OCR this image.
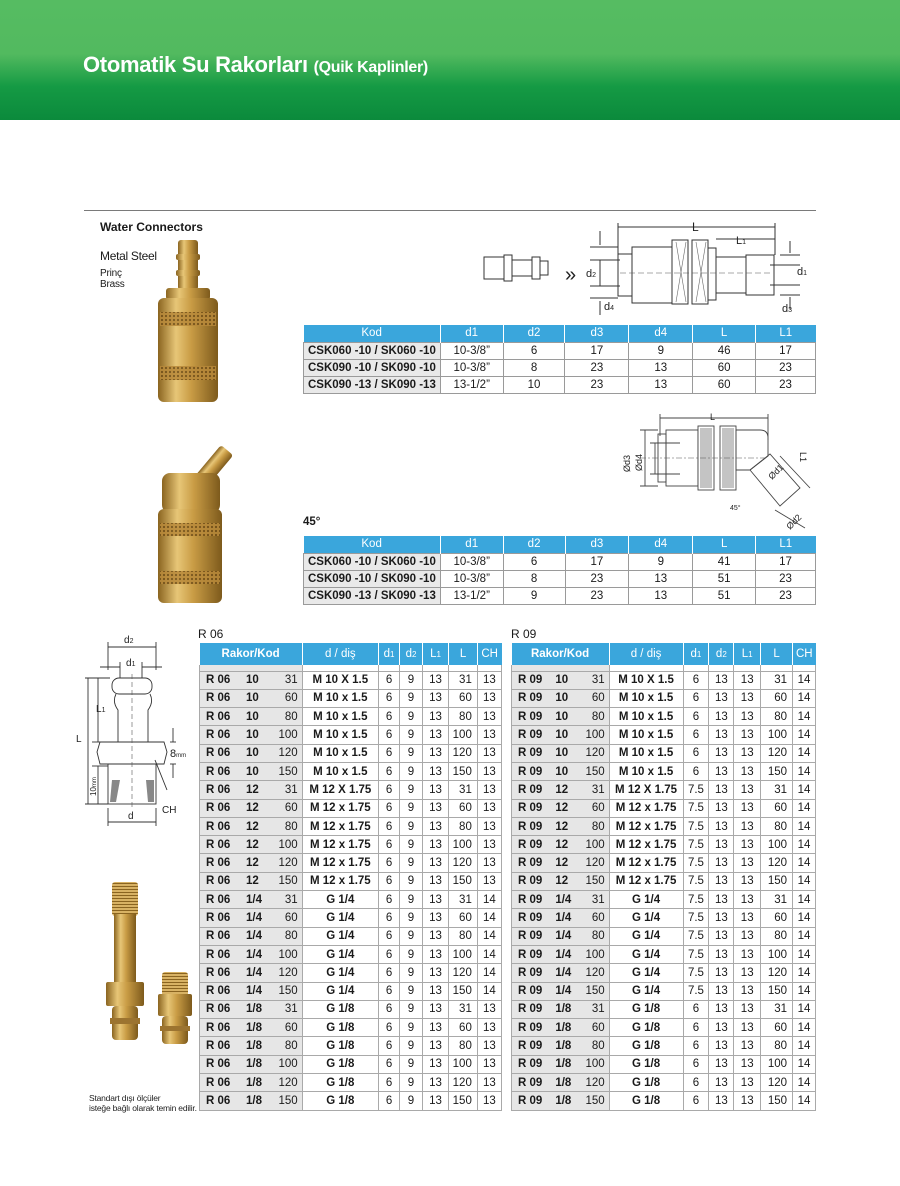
Otomatik Su Rakorları (Quik Kaplinler)
Water Connectors
Metal Steel
Prinç
Brass	»
L
L1
d2	d1
d3
d4
Kod	d1	d2	d3	d4	L	L1
CSK060 -10 / SK060 -10	10-3/8”	6	17	9	46	17
CSK090 -10 / SK090 -10	10-3/8”	8	23	13	60	23
CSK090 -13 / SK090 -13	13-1/2”	10	23	13	60	23
L
L1
Ød3 Ød4	Ød1
Ød2
45°
45°
Kod	d1	d2	d3	d4	L	L1
CSK060 -10 / SK060 -10	10-3/8”	6	17	9	41	17
CSK090 -10 / SK090 -10	10-3/8”	8	23	13	51	23
CSK090 -13 / SK090 -13	13-1/2”	9	23	13	51	23
d2
d1
L1
L
8mm
10mm
CH
d
R 06
Rakor/Kod			d / diş	d1	d2	L1	L	CH

R 06	10	31	M 10 X 1.5	6	9	13	31	13
R 06	10	60	M 10 x 1.5	6	9	13	60	13
R 06	10	80	M 10 x 1.5	6	9	13	80	13
R 06	10	100	M 10 x 1.5	6	9	13	100	13
R 06	10	120	M 10 x 1.5	6	9	13	120	13
R 06	10	150	M 10 x 1.5	6	9	13	150	13
R 06	12	31	M 12 X 1.75	6	9	13	31	13
R 06	12	60	M 12 x 1.75	6	9	13	60	13
R 06	12	80	M 12 x 1.75	6	9	13	80	13
R 06	12	100	M 12 x 1.75	6	9	13	100	13
R 06	12	120	M 12 x 1.75	6	9	13	120	13
R 06	12	150	M 12 x 1.75	6	9	13	150	13
R 06	1/4	31	G 1/4	6	9	13	31	14
R 06	1/4	60	G 1/4	6	9	13	60	14
R 06	1/4	80	G 1/4	6	9	13	80	14
R 06	1/4	100	G 1/4	6	9	13	100	14
R 06	1/4	120	G 1/4	6	9	13	120	14
R 06	1/4	150	G 1/4	6	9	13	150	14
R 06	1/8	31	G 1/8	6	9	13	31	13
R 06	1/8	60	G 1/8	6	9	13	60	13
R 06	1/8	80	G 1/8	6	9	13	80	13
R 06	1/8	100	G 1/8	6	9	13	100	13
R 06	1/8	120	G 1/8	6	9	13	120	13
R 06	1/8	150	G 1/8	6	9	13	150	13
R 09
Rakor/Kod			d / diş	d1	d2	L1	L	CH

R 09	10	31	M 10 X 1.5	6	13	13	31	14
R 09	10	60	M 10 x 1.5	6	13	13	60	14
R 09	10	80	M 10 x 1.5	6	13	13	80	14
R 09	10	100	M 10 x 1.5	6	13	13	100	14
R 09	10	120	M 10 x 1.5	6	13	13	120	14
R 09	10	150	M 10 x 1.5	6	13	13	150	14
R 09	12	31	M 12 X 1.75	7.5	13	13	31	14
R 09	12	60	M 12 x 1.75	7.5	13	13	60	14
R 09	12	80	M 12 x 1.75	7.5	13	13	80	14
R 09	12	100	M 12 x 1.75	7.5	13	13	100	14
R 09	12	120	M 12 x 1.75	7.5	13	13	120	14
R 09	12	150	M 12 x 1.75	7.5	13	13	150	14
R 09	1/4	31	G 1/4	7.5	13	13	31	14
R 09	1/4	60	G 1/4	7.5	13	13	60	14
R 09	1/4	80	G 1/4	7.5	13	13	80	14
R 09	1/4	100	G 1/4	7.5	13	13	100	14
R 09	1/4	120	G 1/4	7.5	13	13	120	14
R 09	1/4	150	G 1/4	7.5	13	13	150	14
R 09	1/8	31	G 1/8	6	13	13	31	14
R 09	1/8	60	G 1/8	6	13	13	60	14
R 09	1/8	80	G 1/8	6	13	13	80	14
R 09	1/8	100	G 1/8	6	13	13	100	14
R 09	1/8	120	G 1/8	6	13	13	120	14
R 09	1/8	150	G 1/8	6	13	13	150	14
Standart dışı ölçüler
isteğe bağlı olarak temin edilir.
